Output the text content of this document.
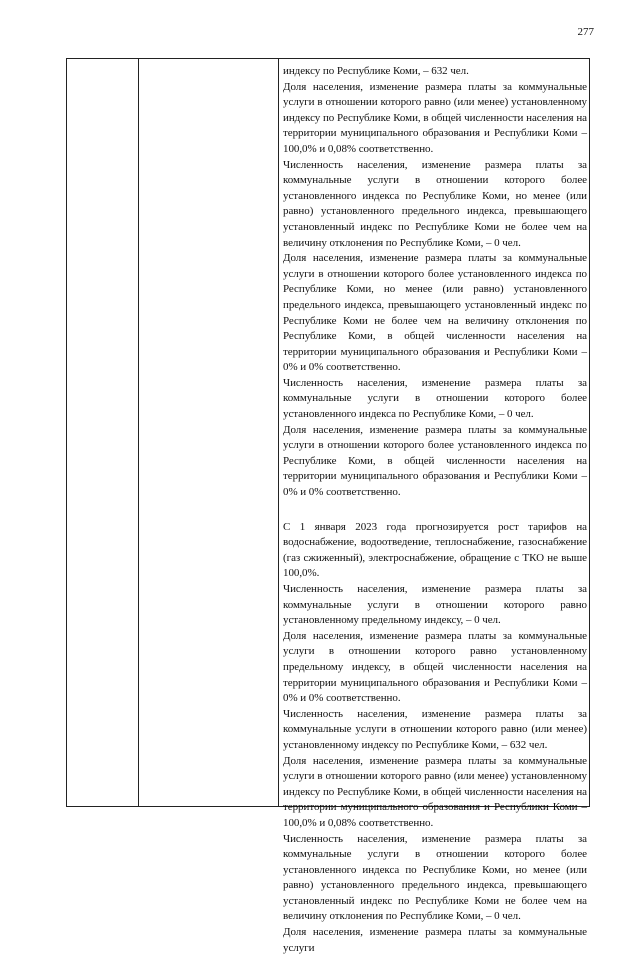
277

индексу по Республике Коми, – 632 чел.

Доля населения, изменение размера платы за коммунальные услуги в отношении которого равно (или менее) установленному индексу по Республике Коми, в общей численности населения на территории муниципального образования и Республики Коми – 100,0% и 0,08% соответственно.

Численность населения, изменение размера платы за коммунальные услуги в отношении которого более установленного индекса по Республике Коми, но менее (или равно) установленного предельного индекса, превышающего установленный индекс по Республике Коми не более чем на величину отклонения по Республике Коми, – 0 чел.

Доля населения, изменение размера платы за коммунальные услуги в отношении которого более установленного индекса по Республике Коми, но менее (или равно) установленного предельного индекса, превышающего установленный индекс по Республике Коми не более чем на величину отклонения по Республике Коми, в общей численности населения на территории муниципального образования и Республики Коми – 0% и 0% соответственно.

Численность населения, изменение размера платы за коммунальные услуги в отношении которого более установленного индекса по Республике Коми, – 0 чел.

Доля населения, изменение размера платы за коммунальные услуги в отношении которого более установленного индекса по Республике Коми, в общей численности населения на территории муниципального образования и Республики Коми – 0% и 0% соответственно.

С 1 января 2023 года прогнозируется рост тарифов на водоснабжение, водоотведение, теплоснабжение, газоснабжение (газ сжиженный), электроснабжение, обращение с ТКО не выше 100,0%.

Численность населения, изменение размера платы за коммунальные услуги в отношении которого равно установленному предельному индексу, – 0 чел.

Доля населения, изменение размера платы за коммунальные услуги в отношении которого равно установленному предельному индексу, в общей численности населения на территории муниципального образования и Республики Коми – 0% и 0% соответственно.

Численность населения, изменение размера платы за коммунальные услуги в отношении которого равно (или менее) установленному индексу по Республике Коми, – 632 чел.

Доля населения, изменение размера платы за коммунальные услуги в отношении которого равно (или менее) установленному индексу по Республике Коми, в общей численности населения на территории муниципального образования и Республики Коми – 100,0% и 0,08% соответственно.

Численность населения, изменение размера платы за коммунальные услуги в отношении которого более установленного индекса по Республике Коми, но менее (или равно) установленного предельного индекса, превышающего установленный индекс по Республике Коми не более чем на величину отклонения по Республике Коми, – 0 чел.

Доля населения, изменение размера платы за коммунальные услуги
